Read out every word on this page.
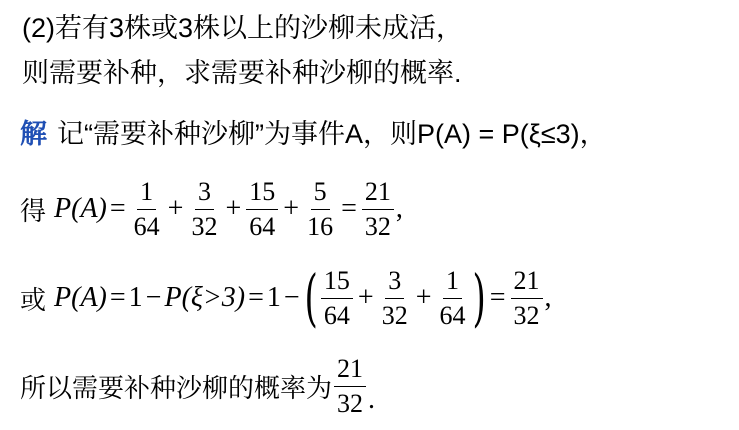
(2)若有3株或3株以上的沙柳未成活，
则需要补种，求需要补种沙柳的概率.
解 记“需要补种沙柳”为事件A，则P(A) = P(ξ≤3)，
得 $P(A) = \frac{1}{64} + \frac{3}{32} + \frac{15}{64} + \frac{5}{16} = \frac{21}{32}$ ,
或 P(A) = 1 − P(ξ>3) = 1 − ( $\frac{15}{64} + \frac{3}{32} + \frac{1}{64}$ ) = $\frac{21}{32}$ ,
所以需要补种沙柳的概率为 $\frac{21}{32}$ .
